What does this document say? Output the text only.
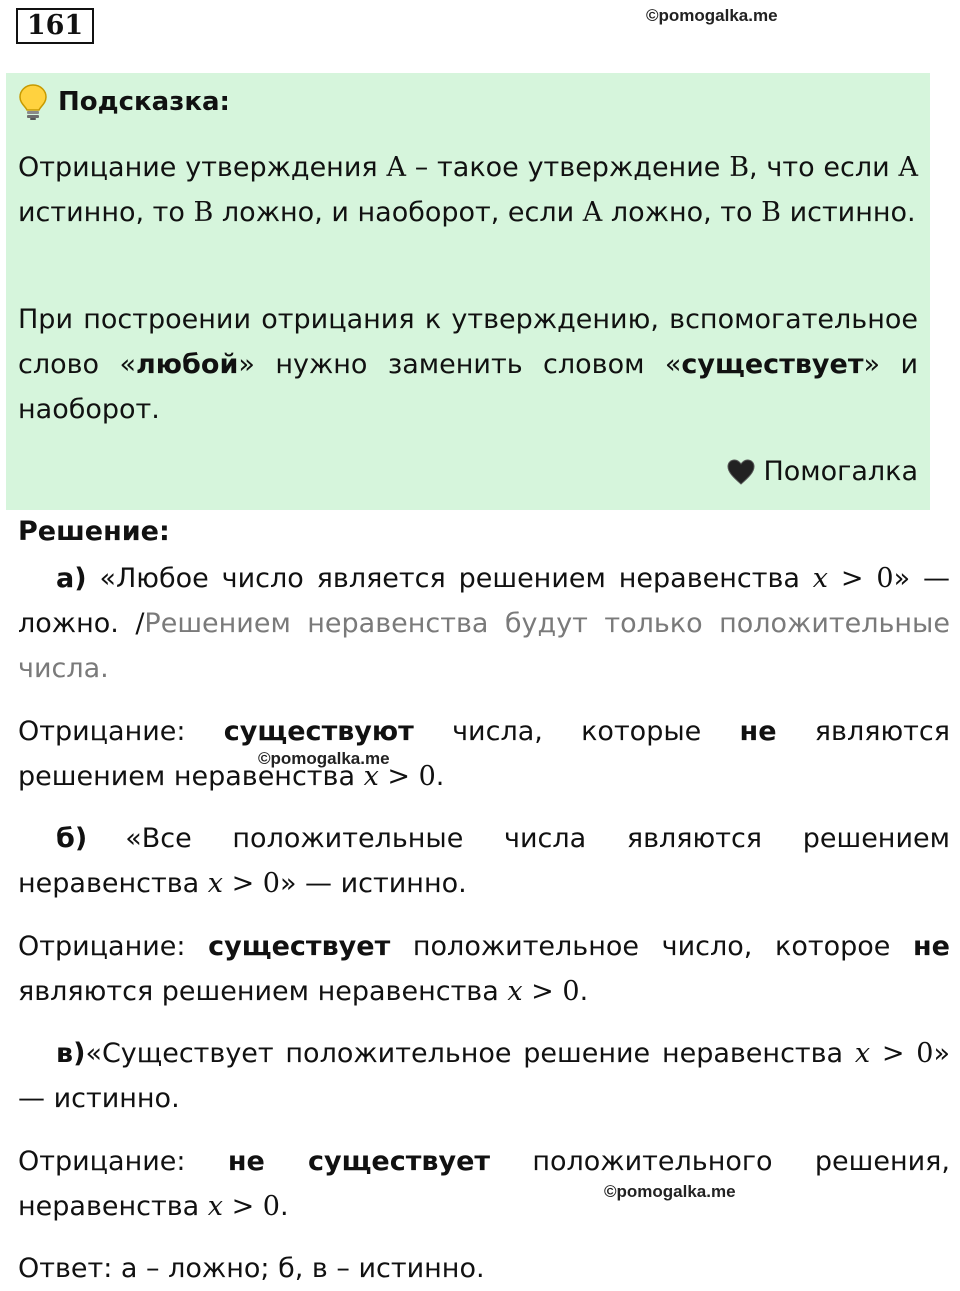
161	©pomogalka.me
Подсказка:
Отрицание утверждения A – такое утверждение B, что если A истинно, то B ложно, и наоборот, если A ложно, то B истинно.
При построении отрицания к утверждению, вспомогательное слово «любой» нужно заменить словом «существует» и наоборот.
Помогалка
Решение:
а) «Любое число является решением неравенства x > 0» — ложно. /Решением неравенства будут только положительные числа.
Отрицание: существуют числа, которые не являются решением неравенства x > 0.
©pomogalka.me
б) «Все положительные числа являются решением неравенства x > 0» — истинно.
Отрицание: существует положительное число, которое не являются решением неравенства x > 0.
в)«Существует положительное решение неравенства x > 0» — истинно.
Отрицание: не существует положительного решения, неравенства x > 0.	©pomogalka.me
Ответ: а – ложно; б, в – истинно.
